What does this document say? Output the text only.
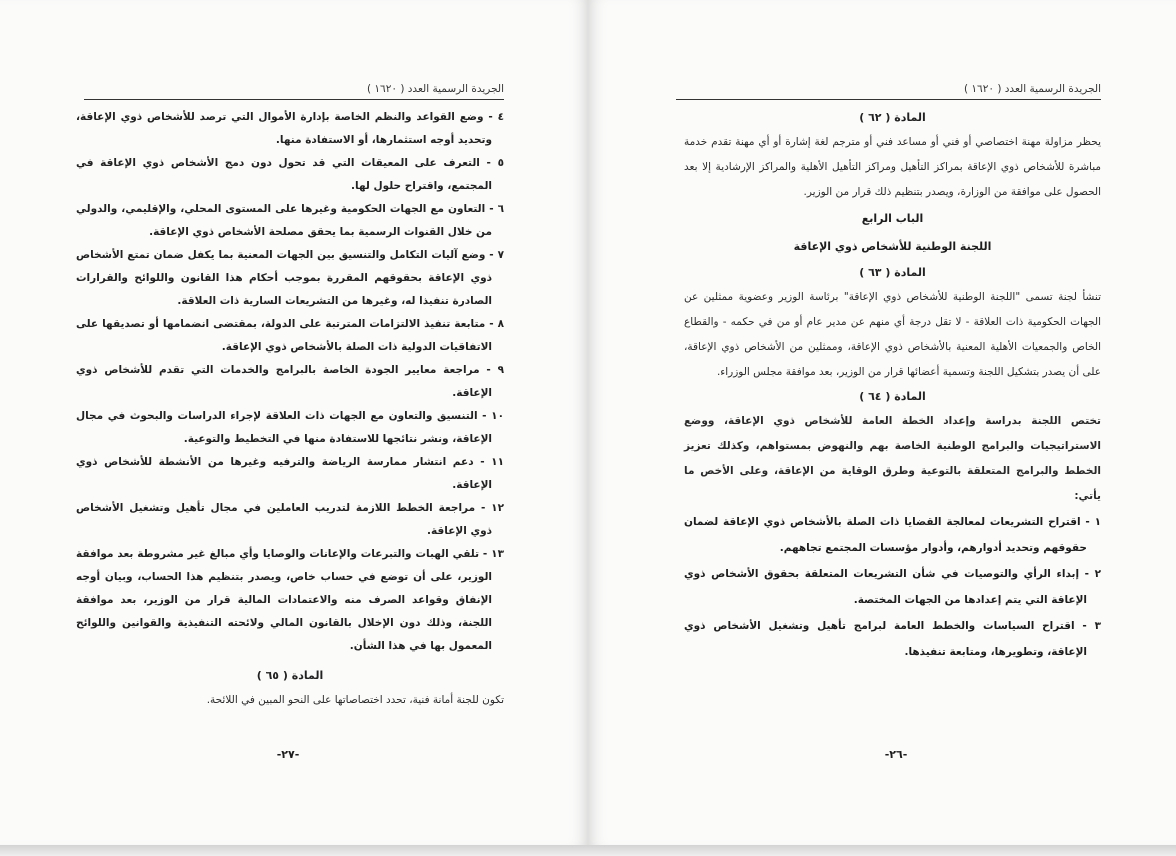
الجريدة الرسمية العدد ( ١٦٢٠ )

٤ - وضع القواعد والنظم الخاصة بإدارة الأموال التي ترصد للأشخاص ذوي الإعاقة، وتحديد أوجه استثمارها، أو الاستفادة منها.

٥ - التعرف على المعيقات التي قد تحول دون دمج الأشخاص ذوي الإعاقة في المجتمع، واقتراح حلول لها.

٦ - التعاون مع الجهات الحكومية وغيرها على المستوى المحلي، والإقليمي، والدولي من خلال القنوات الرسمية بما يحقق مصلحة الأشخاص ذوي الإعاقة.

٧ - وضع آليات التكامل والتنسيق بين الجهات المعنية بما يكفل ضمان تمتع الأشخاص ذوي الإعاقة بحقوقهم المقررة بموجب أحكام هذا القانون واللوائح والقرارات الصادرة تنفيذا له، وغيرها من التشريعات السارية ذات العلاقة.

٨ - متابعة تنفيذ الالتزامات المترتبة على الدولة، بمقتضى انضمامها أو تصديقها على الاتفاقيات الدولية ذات الصلة بالأشخاص ذوي الإعاقة.

٩ - مراجعة معايير الجودة الخاصة بالبرامج والخدمات التي تقدم للأشخاص ذوي الإعاقة.

١٠ - التنسيق والتعاون مع الجهات ذات العلاقة لإجراء الدراسات والبحوث في مجال الإعاقة، ونشر نتائجها للاستفادة منها في التخطيط والتوعية.

١١ - دعم انتشار ممارسة الرياضة والترفيه وغيرها من الأنشطة للأشخاص ذوي الإعاقة.

١٢ - مراجعة الخطط اللازمة لتدريب العاملين في مجال تأهيل وتشغيل الأشخاص ذوي الإعاقة.

١٣ - تلقي الهبات والتبرعات والإعانات والوصايا وأي مبالغ غير مشروطة بعد موافقة الوزير، على أن توضع في حساب خاص، ويصدر بتنظيم هذا الحساب، وبيان أوجه الإنفاق وقواعد الصرف منه والاعتمادات المالية قرار من الوزير، بعد موافقة اللجنة، وذلك دون الإخلال بالقانون المالي ولائحته التنفيذية والقوانين واللوائح المعمول بها في هذا الشأن.

المادة ( ٦٥ )

تكون للجنة أمانة فنية، تحدد اختصاصاتها على النحو المبين في اللائحة.

-٢٧-
الجريدة الرسمية العدد ( ١٦٢٠ )

المادة ( ٦٢ )

يحظر مزاولة مهنة اختصاصي أو فني أو مساعد فني أو مترجم لغة إشارة أو أي مهنة تقدم خدمة مباشرة للأشخاص ذوي الإعاقة بمراكز التأهيل ومراكز التأهيل الأهلية والمراكز الإرشادية إلا بعد الحصول على موافقة من الوزارة، ويصدر بتنظيم ذلك قرار من الوزير.

الباب الرابع

اللجنة الوطنية للأشخاص ذوي الإعاقة

المادة ( ٦٣ )

تنشأ لجنة تسمى "اللجنة الوطنية للأشخاص ذوي الإعاقة" برئاسة الوزير وعضوية ممثلين عن الجهات الحكومية ذات العلاقة - لا تقل درجة أي منهم عن مدير عام أو من في حكمه - والقطاع الخاص والجمعيات الأهلية المعنية بالأشخاص ذوي الإعاقة، وممثلين من الأشخاص ذوي الإعاقة، على أن يصدر بتشكيل اللجنة وتسمية أعضائها قرار من الوزير، بعد موافقة مجلس الوزراء.

المادة ( ٦٤ )

تختص اللجنة بدراسة وإعداد الخطة العامة للأشخاص ذوي الإعاقة، ووضع الاستراتيجيات والبرامج الوطنية الخاصة بهم والنهوض بمستواهم، وكذلك تعزيز الخطط والبرامج المتعلقة بالتوعية وطرق الوقاية من الإعاقة، وعلى الأخص ما يأتي:

١ - اقتراح التشريعات لمعالجة القضايا ذات الصلة بالأشخاص ذوي الإعاقة لضمان حقوقهم وتحديد أدوارهم، وأدوار مؤسسات المجتمع تجاههم.

٢ - إبداء الرأي والتوصيات في شأن التشريعات المتعلقة بحقوق الأشخاص ذوي الإعاقة التي يتم إعدادها من الجهات المختصة.

٣ - اقتراح السياسات والخطط العامة لبرامج تأهيل وتشغيل الأشخاص ذوي الإعاقة، وتطويرها، ومتابعة تنفيذها.

-٢٦-
